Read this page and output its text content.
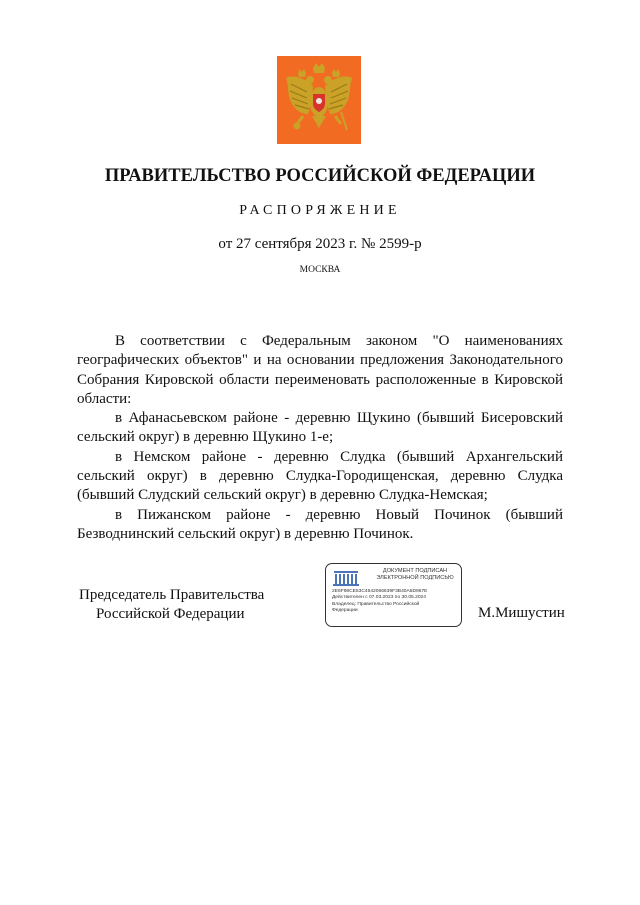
ПРАВИТЕЛЬСТВО РОССИЙСКОЙ ФЕДЕРАЦИИ
РАСПОРЯЖЕНИЕ
от 27 сентября 2023 г. № 2599-р
МОСКВА

В соответствии с Федеральным законом "О наименованиях географических объектов" и на основании предложения Законодательного Собрания Кировской области переименовать расположенные в Кировской области:

в Афанасьевском районе - деревню Щукино (бывший Бисеровский сельский округ) в деревню Щукино 1-е;

в Немском районе - деревню Слудка (бывший Архангельский сельский округ) в деревню Слудка-Городищенская, деревню Слудка (бывший Слудский сельский округ) в деревню Слудка-Немская;

в Пижанском районе - деревню Новый Починок (бывший Безводнинский сельский округ) в деревню Починок.

Председатель Правительства
Российской Федерации
ДОКУМЕНТ ПОДПИСАН
ЭЛЕКТРОННОЙ ПОДПИСЬЮ
2E6F98CE53C4642066639F3B40A5D967E
Действителен с 07.03.2023 по 30.05.2024
Владелец: Правительство Российской
Федерации	М.Мишустин
